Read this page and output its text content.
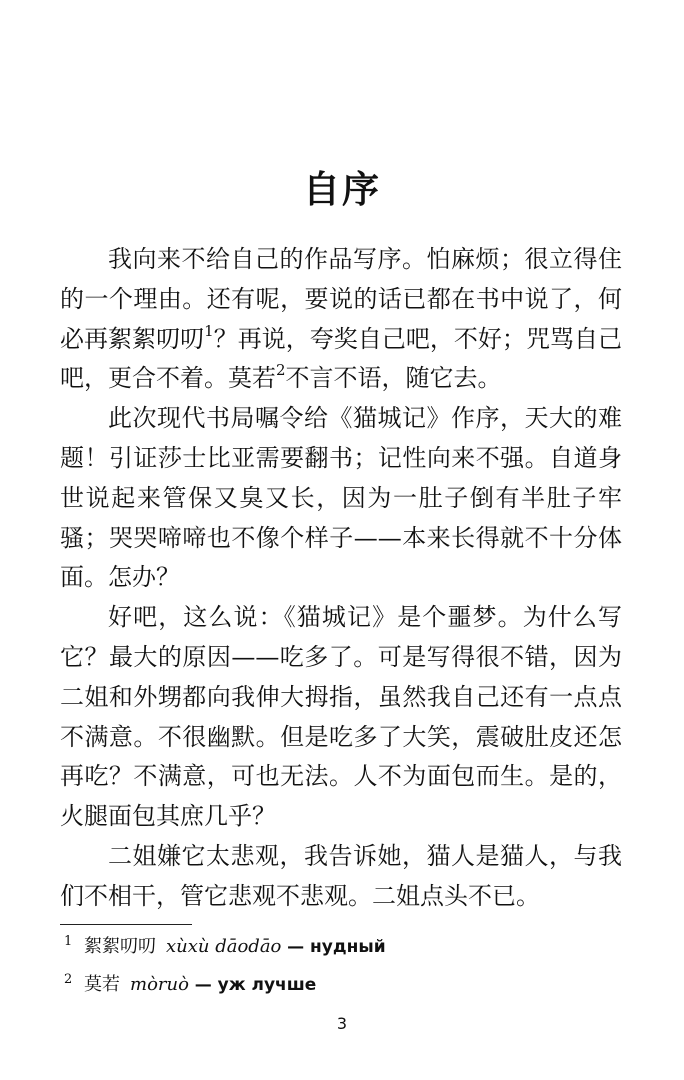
自序

我向来不给自己的作品写序。怕麻烦；很立得住的一个理由。还有呢，要说的话已都在书中说了，何必再絮絮叨叨$^1$？再说，夸奖自己吧，不好；咒骂自己吧，更合不着。莫若$^2$不言不语，随它去。

此次现代书局嘱令给《猫城记》作序，天大的难题！引证莎士比亚需要翻书；记性向来不强。自道身世说起来管保又臭又长，因为一肚子倒有半肚子牢骚；哭哭啼啼也不像个样子——本来长得就不十分体面。怎办？

好吧，这么说：《猫城记》是个噩梦。为什么写它？最大的原因——吃多了。可是写得很不错，因为二姐和外甥都向我伸大拇指，虽然我自己还有一点点不满意。不很幽默。但是吃多了大笑，震破肚皮还怎再吃？不满意，可也无法。人不为面包而生。是的，火腿面包其庶几乎？

二姐嫌它太悲观，我告诉她，猫人是猫人，与我们不相干，管它悲观不悲观。二姐点头不已。

1 絮絮叨叨 xùxù dāodāo — нудный
2 莫若 mòruò — уж лучше
3
